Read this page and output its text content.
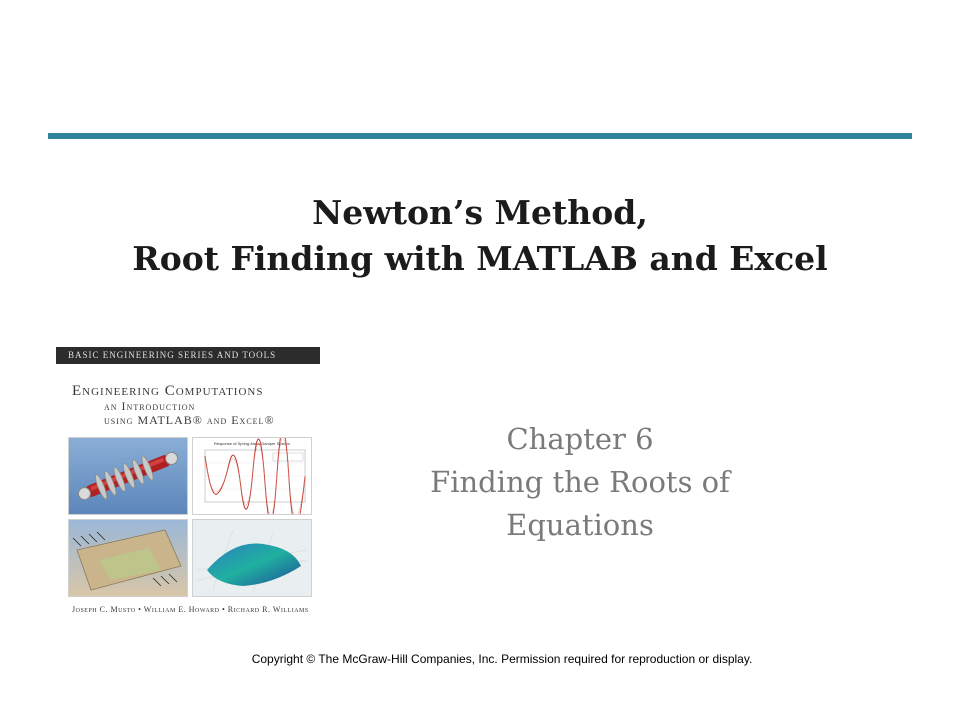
Newton’s Method,
Root Finding with MATLAB and Excel
BASIC ENGINEERING SERIES AND TOOLS
Engineering Computations
an Introduction
using MATLAB® and Excel®
Response of Spring-Mass-Damper System
Joseph C. Musto • William E. Howard • Richard R. Williams
Chapter 6
Finding the Roots of
Equations
Copyright © The McGraw-Hill Companies, Inc. Permission required for reproduction or display.
